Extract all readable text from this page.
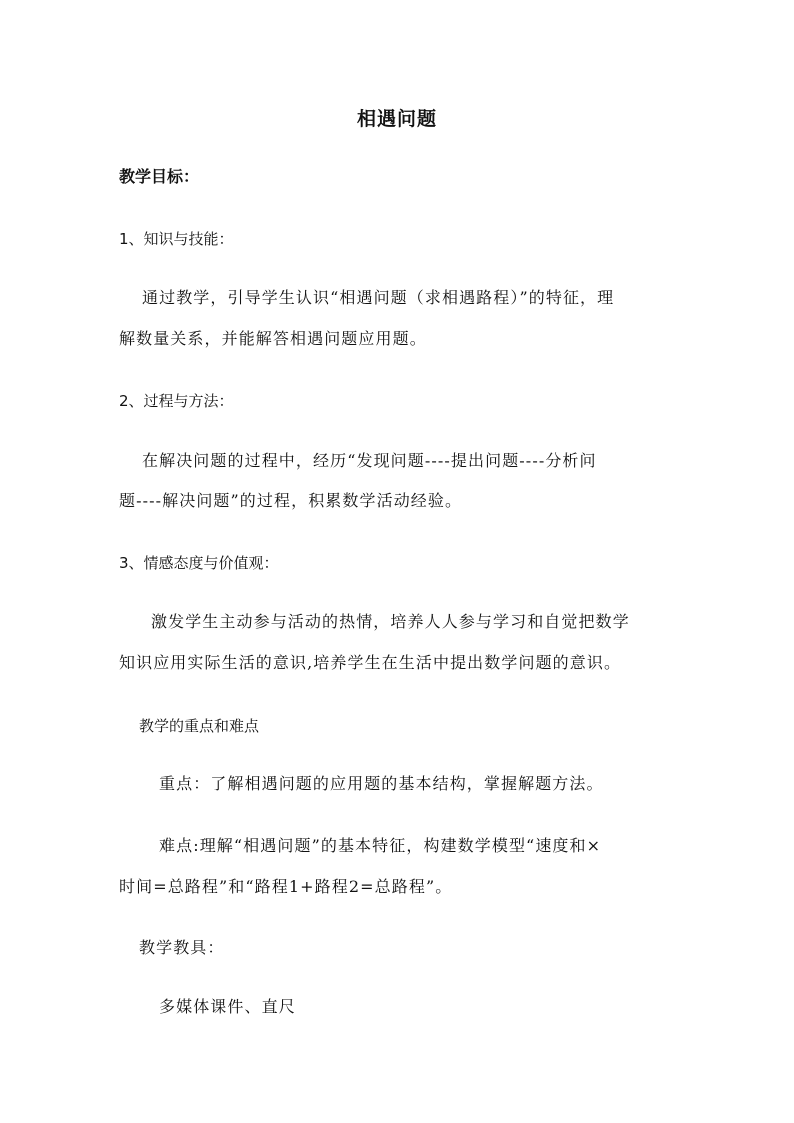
相遇问题
教学目标：
1、知识与技能：
通过教学，引导学生认识“相遇问题（求相遇路程）”的特征，理
解数量关系，并能解答相遇问题应用题。
2、过程与方法：
在解决问题的过程中，经历“发现问题----提出问题----分析问
题----解决问题”的过程，积累数学活动经验。
3、情感态度与价值观：
激发学生主动参与活动的热情，培养人人参与学习和自觉把数学
知识应用实际生活的意识,培养学生在生活中提出数学问题的意识。
教学的重点和难点
重点：了解相遇问题的应用题的基本结构，掌握解题方法。
难点:理解“相遇问题”的基本特征，构建数学模型“速度和×
时间=总路程”和“路程1+路程2=总路程”。
教学教具：
多媒体课件、直尺
